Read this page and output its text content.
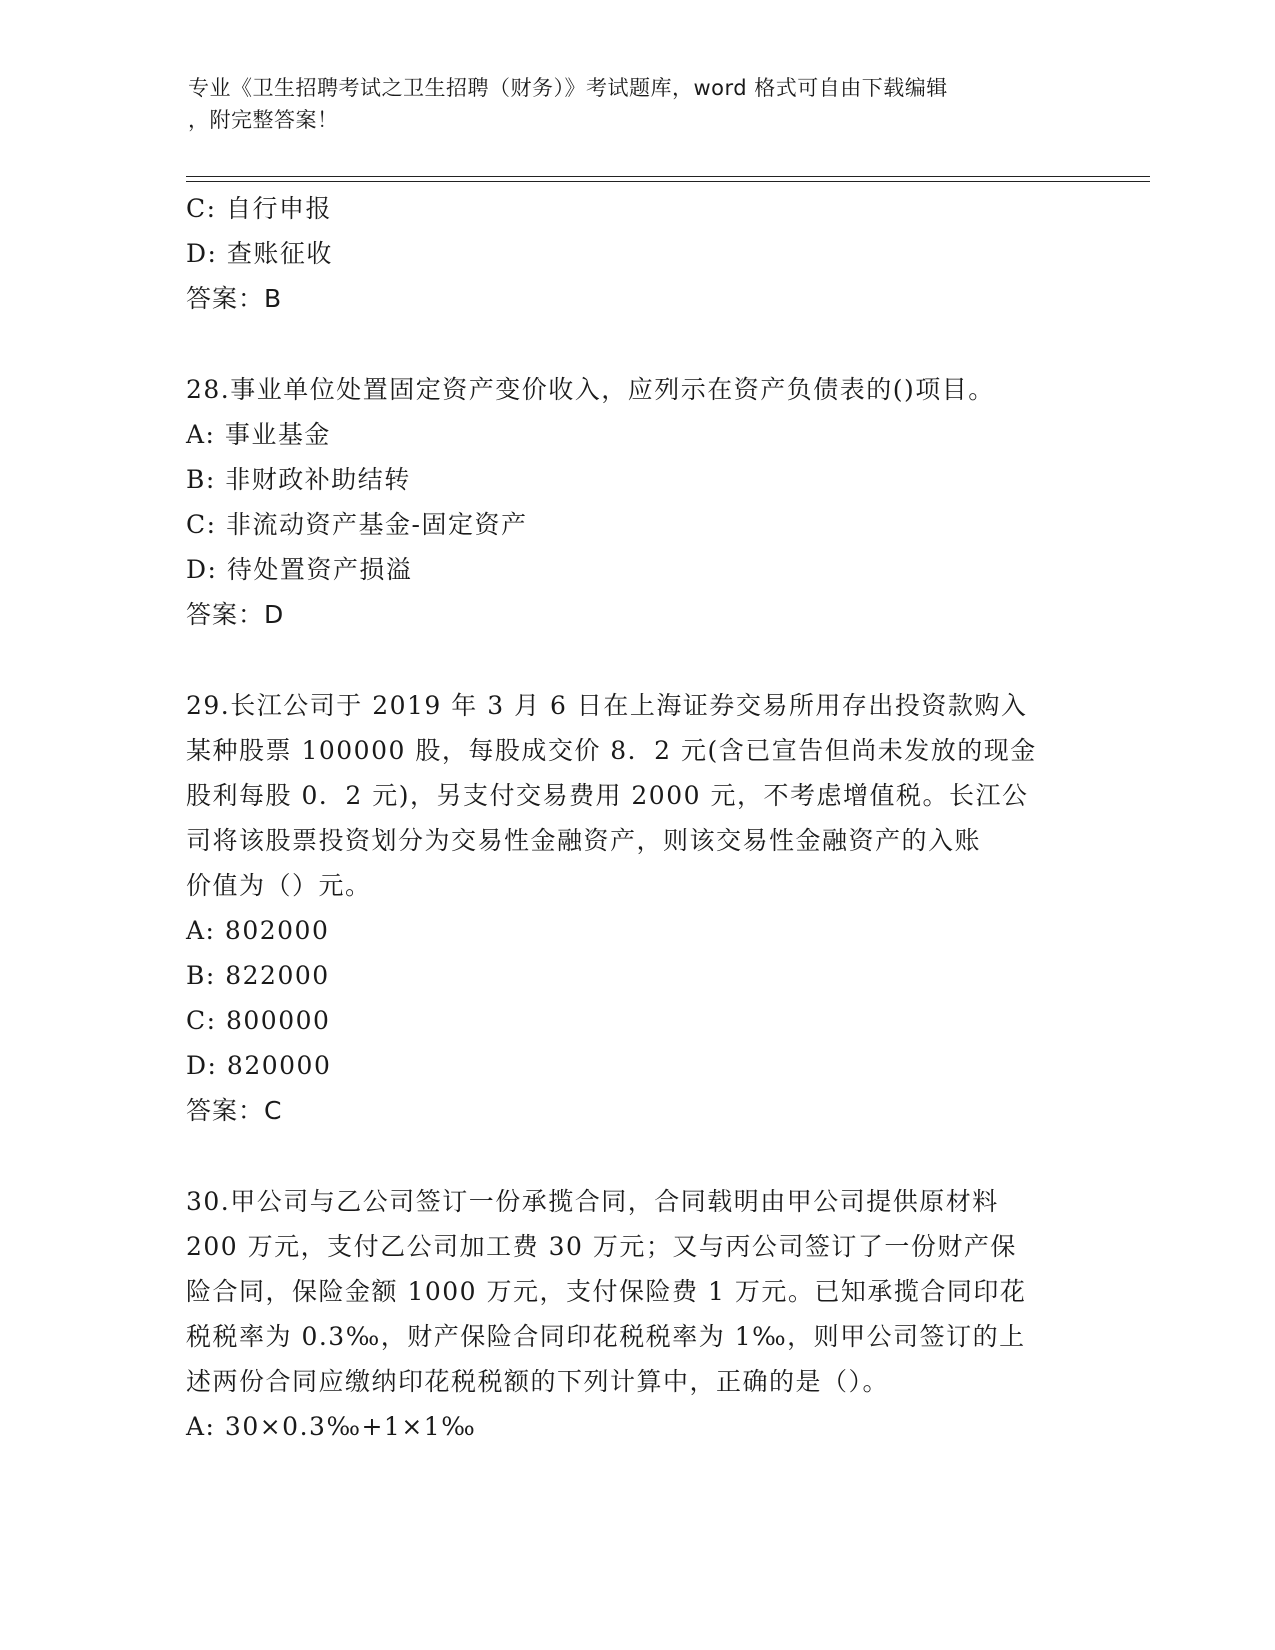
专业《卫生招聘考试之卫生招聘（财务）》考试题库，word 格式可自由下载编辑
，附完整答案！
C: 自行申报
D: 查账征收
答案：B
28.事业单位处置固定资产变价收入，应列示在资产负债表的()项目。
A: 事业基金
B: 非财政补助结转
C: 非流动资产基金-固定资产
D: 待处置资产损溢
答案：D
29.长江公司于 2019 年 3 月 6 日在上海证券交易所用存出投资款购入
某种股票 100000 股，每股成交价 8．2 元(含已宣告但尚未发放的现金
股利每股 0．2 元)，另支付交易费用 2000 元，不考虑增值税。长江公
司将该股票投资划分为交易性金融资产，则该交易性金融资产的入账
价值为（）元。
A: 802000
B: 822000
C: 800000
D: 820000
答案：C
30.甲公司与乙公司签订一份承揽合同，合同载明由甲公司提供原材料
200 万元，支付乙公司加工费 30 万元；又与丙公司签订了一份财产保
险合同，保险金额 1000 万元，支付保险费 1 万元。已知承揽合同印花
税税率为 0.3‰，财产保险合同印花税税率为 1‰，则甲公司签订的上
述两份合同应缴纳印花税税额的下列计算中，正确的是（）。
A: 30×0.3‰+1×1‰
